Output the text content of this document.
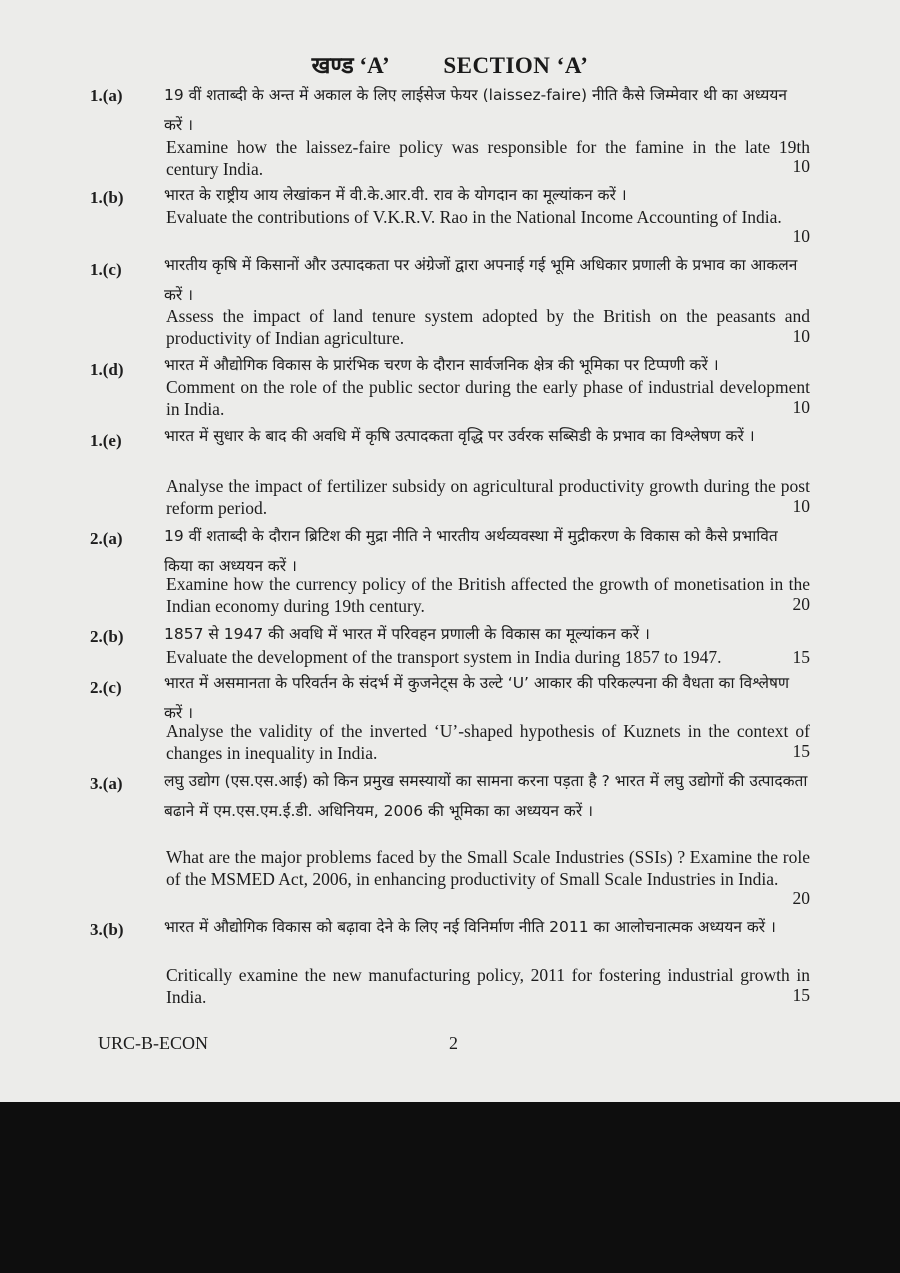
खण्ड ‘A’ SECTION ‘A’
1.(a)	19 वीं शताब्दी के अन्त में अकाल के लिए लाईसेज फेयर (laissez-faire) नीति कैसे जिम्मेवार थी का अध्ययन करें ।
Examine how the laissez-faire policy was responsible for the famine in the late 19th century India.	10
1.(b)	भारत के राष्ट्रीय आय लेखांकन में वी.के.आर.वी. राव के योगदान का मूल्यांकन करें ।
Evaluate the contributions of V.K.R.V. Rao in the National Income Accounting of India.
10
1.(c)	भारतीय कृषि में किसानों और उत्पादकता पर अंग्रेजों द्वारा अपनाई गई भूमि अधिकार प्रणाली के प्रभाव का आकलन करें ।
Assess the impact of land tenure system adopted by the British on the peasants and productivity of Indian agriculture.	10
1.(d)	भारत में औद्योगिक विकास के प्रारंभिक चरण के दौरान सार्वजनिक क्षेत्र की भूमिका पर टिप्पणी करें ।
Comment on the role of the public sector during the early phase of industrial development in India.	10
1.(e)	भारत में सुधार के बाद की अवधि में कृषि उत्पादकता वृद्धि पर उर्वरक सब्सिडी के प्रभाव का विश्लेषण करें ।
Analyse the impact of fertilizer subsidy on agricultural productivity growth during the post reform period.	10
2.(a)	19 वीं शताब्दी के दौरान ब्रिटिश की मुद्रा नीति ने भारतीय अर्थव्यवस्था में मुद्रीकरण के विकास को कैसे प्रभावित किया का अध्ययन करें ।
Examine how the currency policy of the British affected the growth of monetisation in the Indian economy during 19th century.	20
2.(b)	1857 से 1947 की अवधि में भारत में परिवहन प्रणाली के विकास का मूल्यांकन करें ।
Evaluate the development of the transport system in India during 1857 to 1947.	15
2.(c)	भारत में असमानता के परिवर्तन के संदर्भ में कुजनेट्स के उल्टे ‘U’ आकार की परिकल्पना की वैधता का विश्लेषण करें ।
Analyse the validity of the inverted ‘U’-shaped hypothesis of Kuznets in the context of changes in inequality in India.	15
3.(a)	लघु उद्योग (एस.एस.आई) को किन प्रमुख समस्यायों का सामना करना पड़ता है ? भारत में लघु उद्योगों की उत्पादकता बढाने में एम.एस.एम.ई.डी. अधिनियम, 2006 की भूमिका का अध्ययन करें ।
What are the major problems faced by the Small Scale Industries (SSIs) ? Examine the role of the MSMED Act, 2006, in enhancing productivity of Small Scale Industries in India.
20
3.(b)	भारत में औद्योगिक विकास को बढ़ावा देने के लिए नई विनिर्माण नीति 2011 का आलोचनात्मक अध्ययन करें ।
Critically examine the new manufacturing policy, 2011 for fostering industrial growth in India.	15
URC-B-ECON	2
